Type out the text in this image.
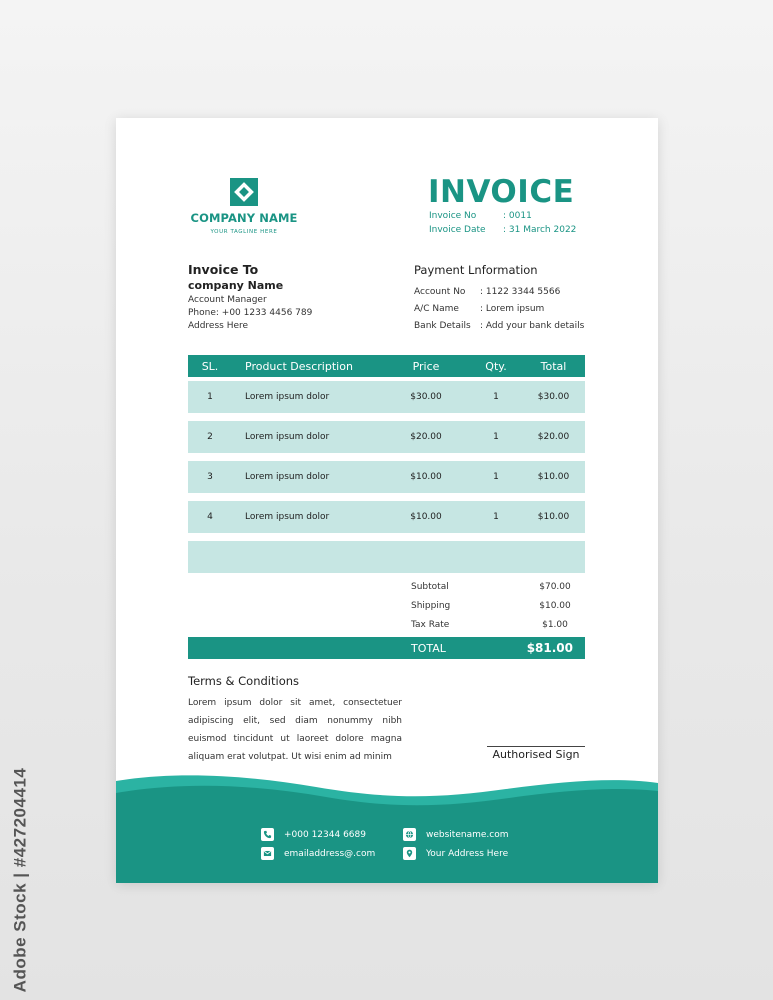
Adobe Stock | #427204414
COMPANY NAME
YOUR TAGLINE HERE
INVOICE
Invoice No	: 0011
Invoice Date	: 31 March 2022
Invoice To
company Name
Account Manager
Phone: +00 1233 4456 789
Address Here
Payment Lnformation
Account No	: 1122 3344 5566
A/C Name	: Lorem ipsum
Bank Details	: Add your bank details
SL.	Product Description	Price	Qty.	Total
1	Lorem ipsum dolor	$30.00	1	$30.00
2	Lorem ipsum dolor	$20.00	1	$20.00
3	Lorem ipsum dolor	$10.00	1	$10.00
4	Lorem ipsum dolor	$10.00	1	$10.00
Subtotal	$70.00
Shipping	$10.00
Tax Rate	$1.00
TOTAL	$81.00
Terms & Conditions

Lorem ipsum dolor sit amet, consectetuer adipiscing elit, sed diam nonummy nibh euismod tincidunt ut laoreet dolore magna aliquam erat volutpat. Ut wisi enim ad minim	Authorised Sign
+000 12344 6689
emailaddress@.com
websitename.com
Your Address Here
